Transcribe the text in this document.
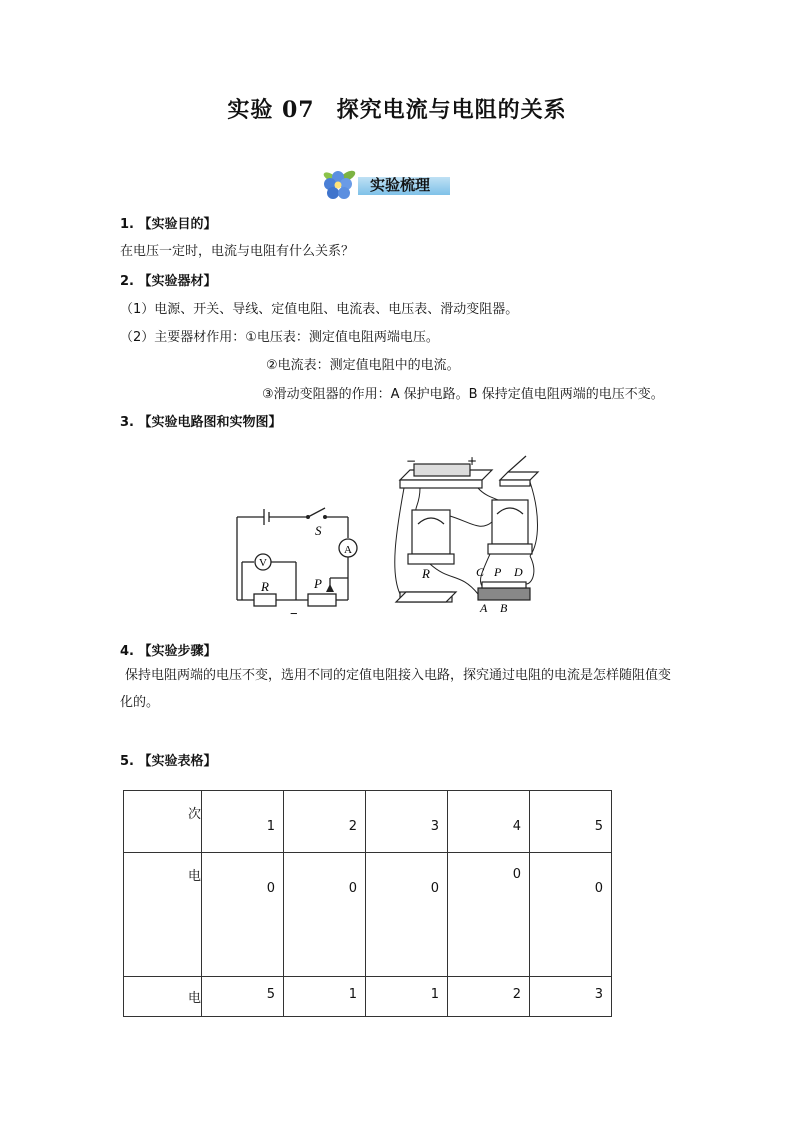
实验 07 探究电流与电阻的关系
实验梳理
1. 【实验目的】
在电压一定时，电流与电阻有什么关系？
2. 【实验器材】
（1）电源、开关、导线、定值电阻、电流表、电压表、滑动变阻器。
（2）主要器材作用：①电压表：测定值电阻两端电压。
②电流表：测定值电阻中的电流。
③滑动变阻器的作用：A 保护电路。B 保持定值电阻两端的电压不变。
3. 【实验电路图和实物图】
S
A
V
R	P
−
−	+
R	C P D
A B
4. 【实验步骤】
保持电阻两端的电压不变，选用不同的定值电阻接入电路，探究通过电阻的电流是怎样随阻值变化的。
5. 【实验表格】
次	1	2	3	4	5

电	0	0	0	0	0

电	5	1	1	2	3
